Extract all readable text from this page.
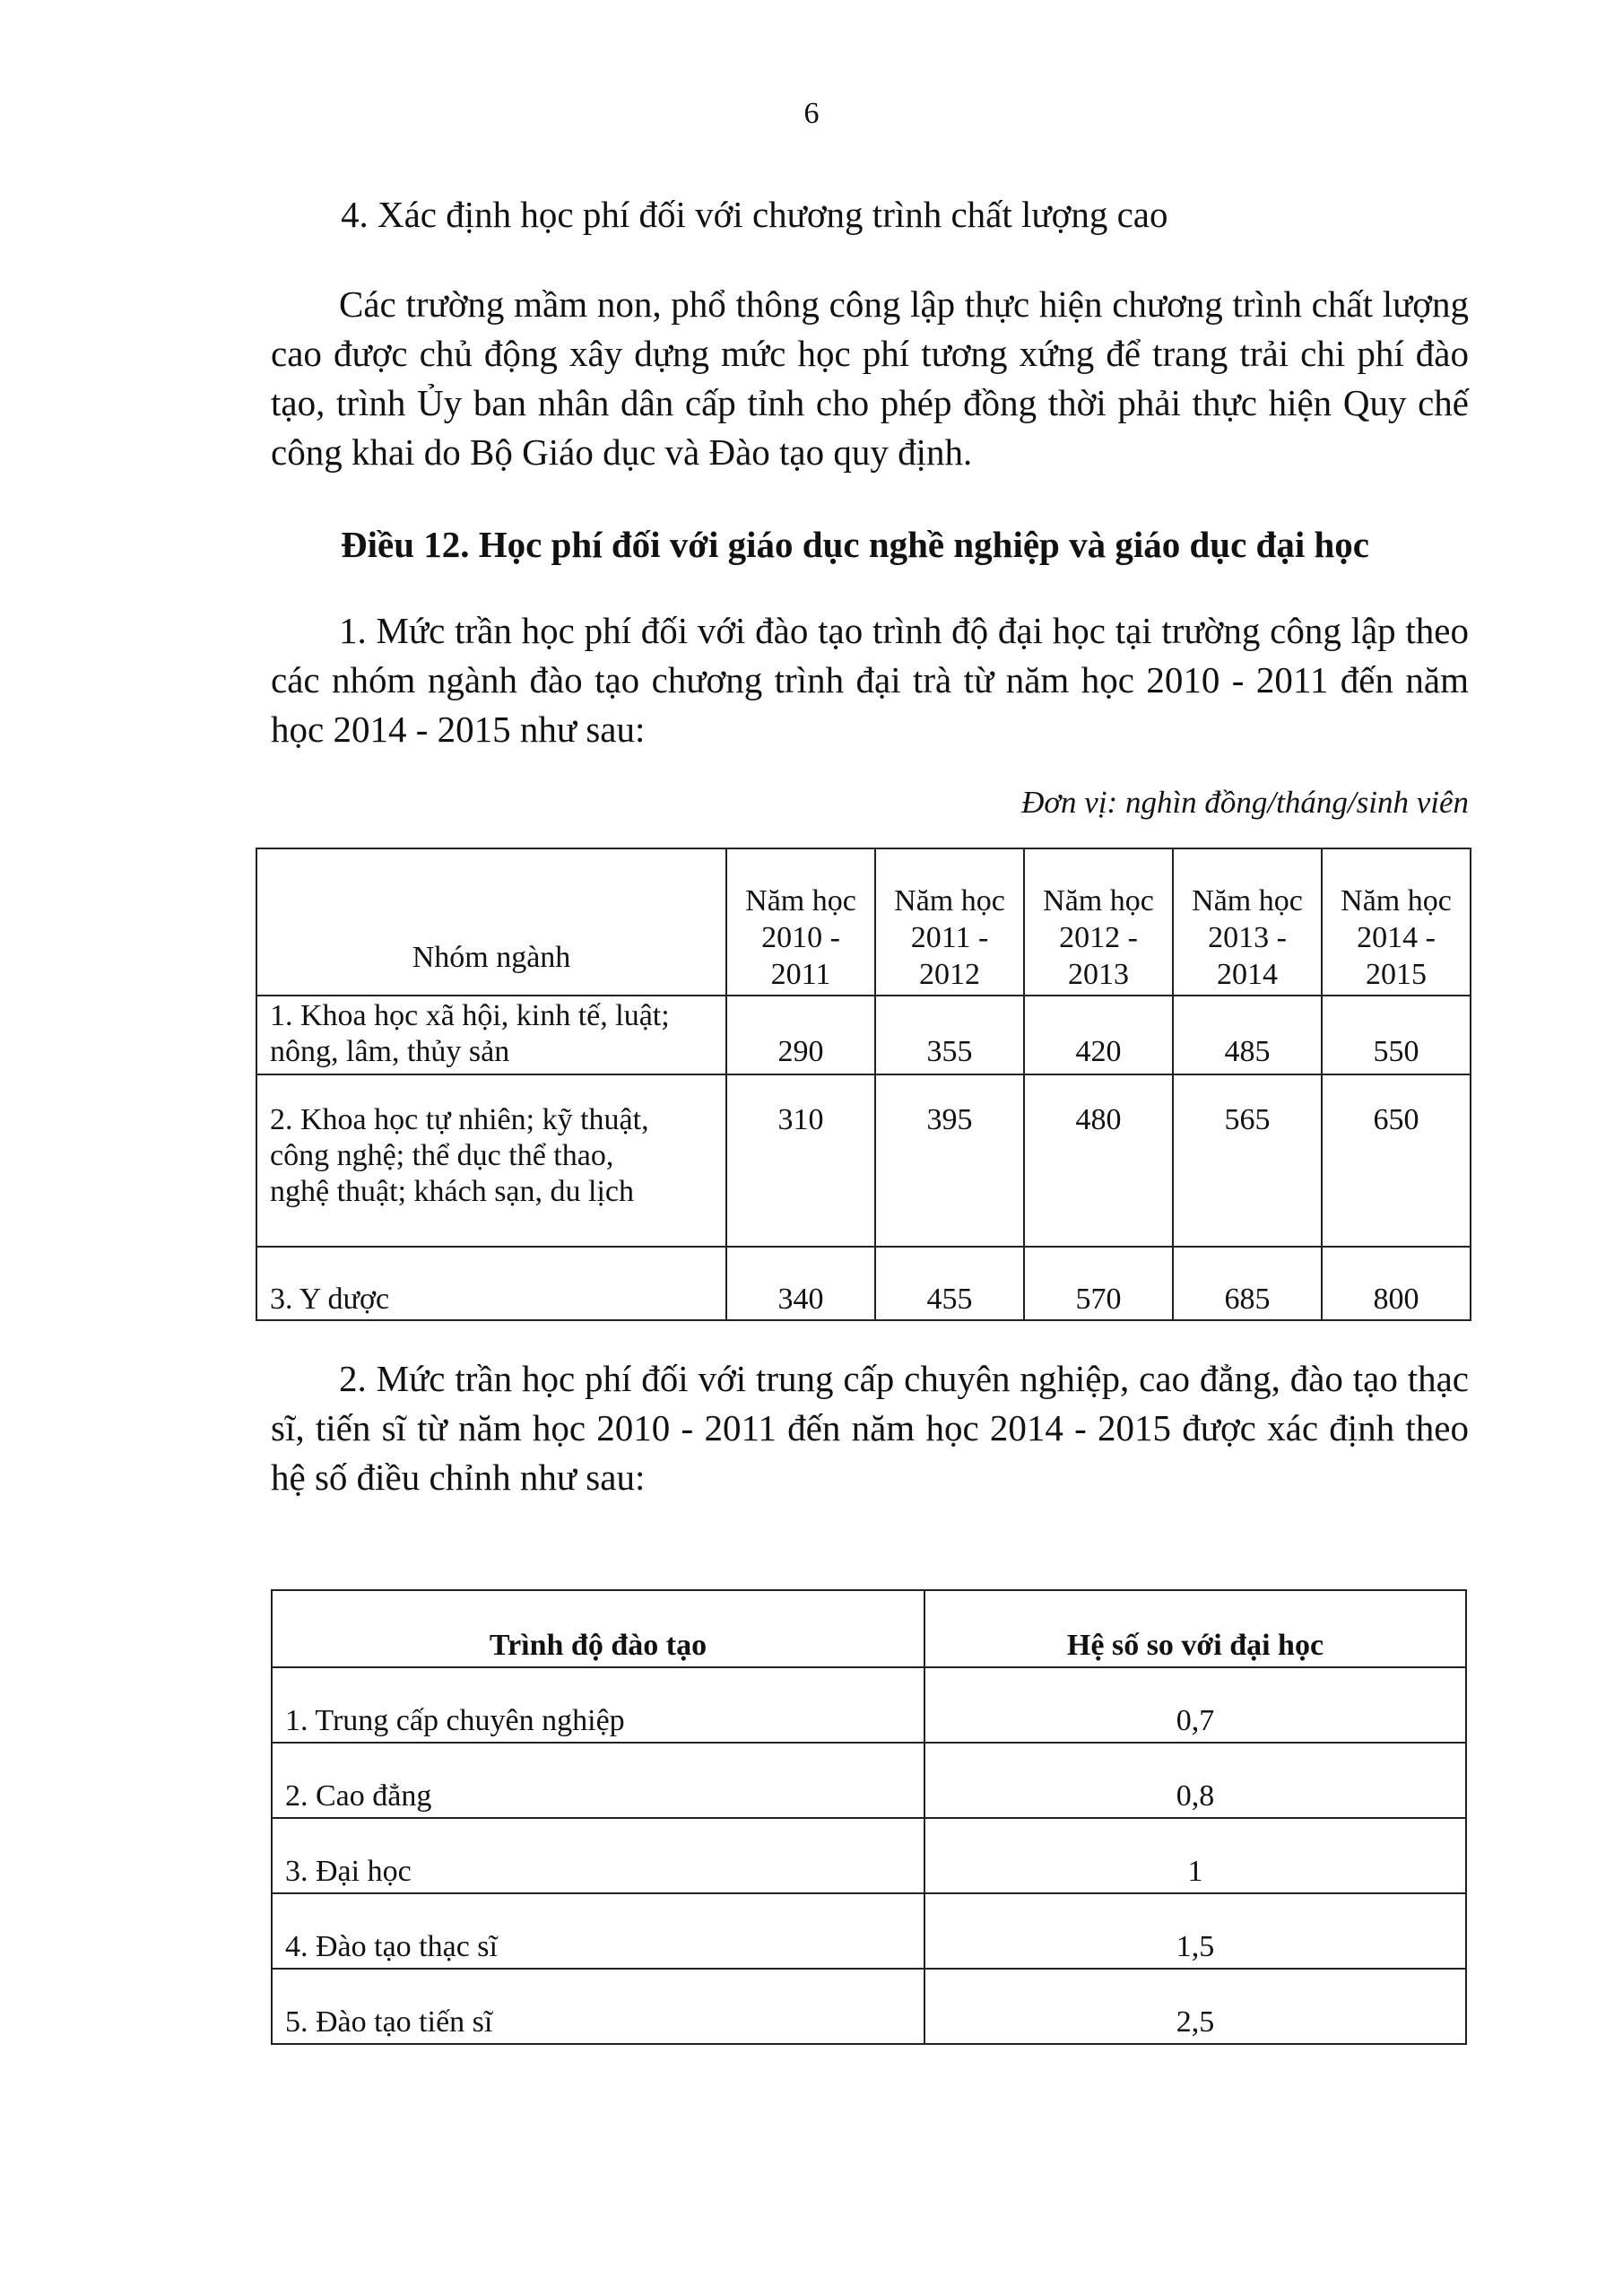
6
4. Xác định học phí đối với chương trình chất lượng cao
Các trường mầm non, phổ thông công lập thực hiện chương trình chất lượng cao được chủ động xây dựng mức học phí tương xứng để trang trải chi phí đào tạo, trình Ủy ban nhân dân cấp tỉnh cho phép đồng thời phải thực hiện Quy chế công khai do Bộ Giáo dục và Đào tạo quy định.
Điều 12. Học phí đối với giáo dục nghề nghiệp và giáo dục đại học
1. Mức trần học phí đối với đào tạo trình độ đại học tại trường công lập theo các nhóm ngành đào tạo chương trình đại trà từ năm học 2010 - 2011 đến năm học 2014 - 2015 như sau:
Đơn vị: nghìn đồng/tháng/sinh viên
Nhóm ngành	Năm học
2010 -
2011	Năm học
2011 -
2012	Năm học
2012 -
2013	Năm học
2013 -
2014	Năm học
2014 -
2015
1. Khoa học xã hội, kinh tế, luật;
nông, lâm, thủy sản	290	355	420	485	550
2. Khoa học tự nhiên; kỹ thuật,
công nghệ; thể dục thể thao,
nghệ thuật; khách sạn, du lịch	310	395	480	565	650
3. Y dược	340	455	570	685	800
2. Mức trần học phí đối với trung cấp chuyên nghiệp, cao đẳng, đào tạo thạc sĩ, tiến sĩ từ năm học 2010 - 2011 đến năm học 2014 - 2015 được xác định theo hệ số điều chỉnh như sau:
Trình độ đào tạo	Hệ số so với đại học
1. Trung cấp chuyên nghiệp	0,7
2. Cao đẳng	0,8
3. Đại học	1
4. Đào tạo thạc sĩ	1,5
5. Đào tạo tiến sĩ	2,5
